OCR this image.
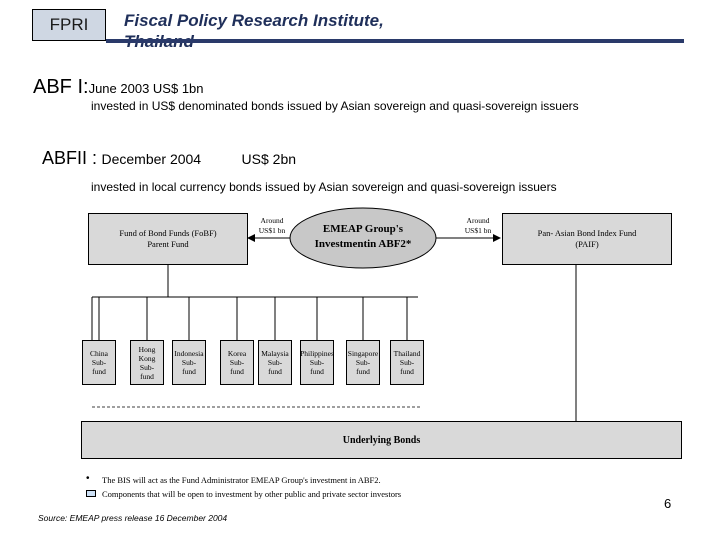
FPRI Fiscal Policy Research Institute,
ABF I:June 2003 US$ 1bn
invested in US$ denominated bonds issued by Asian sovereign and quasi-sovereign issuers
ABFII : December 2004	US$ 2bn
invested in local currency bonds issued by Asian sovereign and quasi-sovereign issuers
Fund of Bond Funds (FoBF)
Parent Fund
Around
US$1 bn	EMEAP Group's
Investmentin ABF2*
Around
US$1 bn	Pan- Asian Bond Index Fund
(PAIF)
China
Sub-
fund
Hong
Kong
Sub-
fund
Indonesia
Sub-
fund
Korea
Sub-
fund
Malaysia
Sub-
fund
Philippines
Sub-
fund
Singapore
Sub-
fund
Thailand
Sub-
fund
Underlying Bonds
• The BIS will act as the Fund Administrator EMEAP Group's investment in ABF2.
Components that will be open to investment by other public and private sector investors
Source: EMEAP press release 16 December 2004
6
